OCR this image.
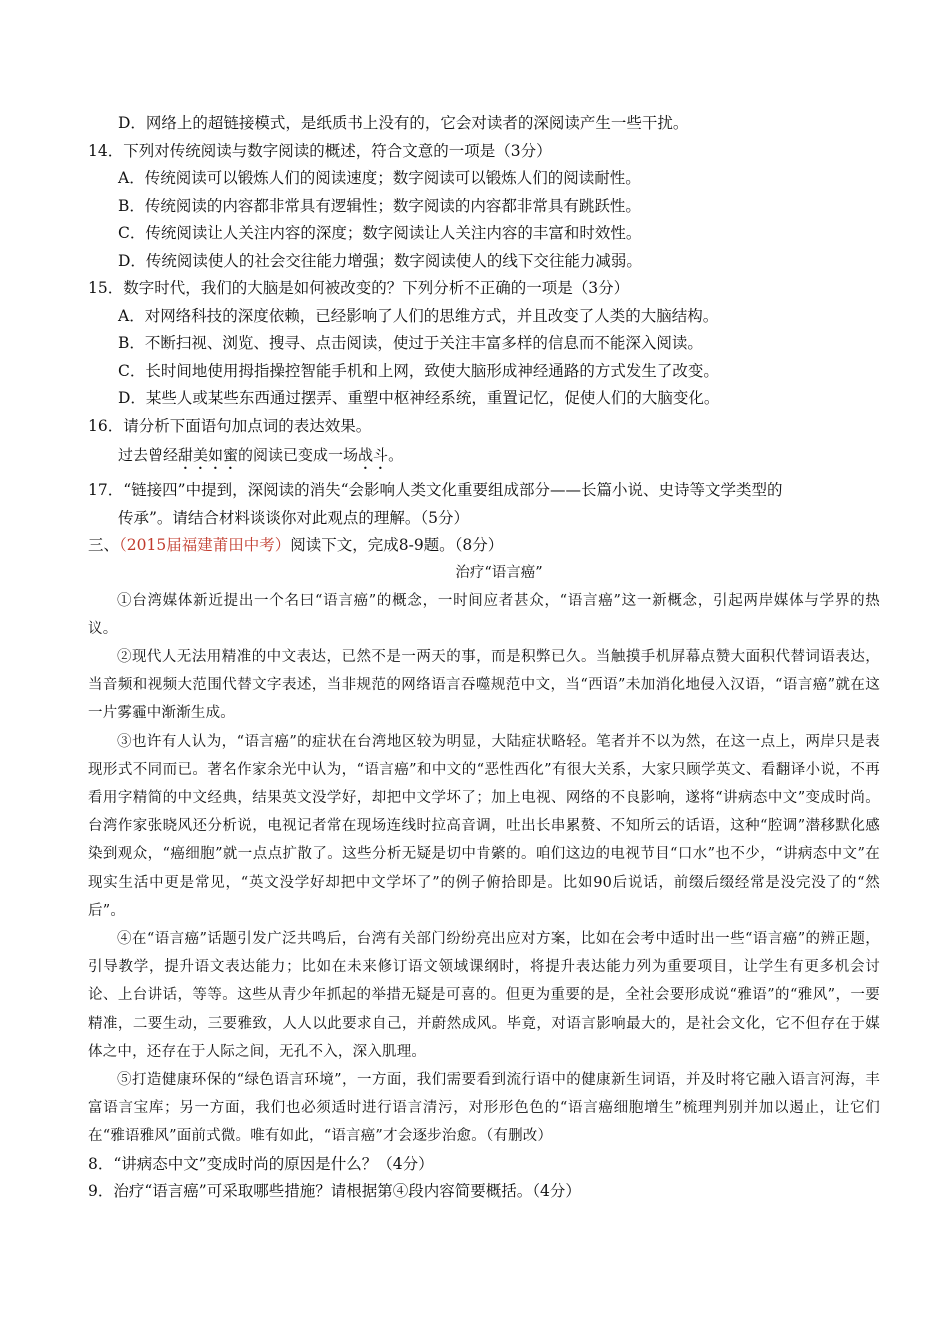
D．网络上的超链接模式，是纸质书上没有的，它会对读者的深阅读产生一些干扰。
14．下列对传统阅读与数字阅读的概述，符合文意的一项是（3分）
A．传统阅读可以锻炼人们的阅读速度；数字阅读可以锻炼人们的阅读耐性。
B．传统阅读的内容都非常具有逻辑性；数字阅读的内容都非常具有跳跃性。
C．传统阅读让人关注内容的深度；数字阅读让人关注内容的丰富和时效性。
D．传统阅读使人的社会交往能力增强；数字阅读使人的线下交往能力减弱。
15．数字时代，我们的大脑是如何被改变的？下列分析不正确的一项是（3分）
A．对网络科技的深度依赖，已经影响了人们的思维方式，并且改变了人类的大脑结构。
B．不断扫视、浏览、搜寻、点击阅读，使过于关注丰富多样的信息而不能深入阅读。
C．长时间地使用拇指操控智能手机和上网，致使大脑形成神经通路的方式发生了改变。
D．某些人或某些东西通过摆弄、重塑中枢神经系统，重置记忆，促使人们的大脑变化。
16．请分析下面语句加点词的表达效果。
过去曾经甜美如蜜的阅读已变成一场战斗。
17．“链接四”中提到，深阅读的消失“会影响人类文化重要组成部分——长篇小说、史诗等文学类型的
传承”。请结合材料谈谈你对此观点的理解。（5分）
三、（2015届福建莆田中考）阅读下文，完成8-9题。（8分）
治疗“语言癌”
①台湾媒体新近提出一个名曰“语言癌”的概念，一时间应者甚众，“语言癌”这一新概念，引起两岸媒体与学界的热议。
②现代人无法用精准的中文表达，已然不是一两天的事，而是积弊已久。当触摸手机屏幕点赞大面积代替词语表达，当音频和视频大范围代替文字表述，当非规范的网络语言吞噬规范中文，当“西语”未加消化地侵入汉语，“语言癌”就在这一片雾霾中渐渐生成。
③也许有人认为，“语言癌”的症状在台湾地区较为明显，大陆症状略轻。笔者并不以为然，在这一点上，两岸只是表现形式不同而已。著名作家余光中认为，“语言癌”和中文的“恶性西化”有很大关系，大家只顾学英文、看翻译小说，不再看用字精简的中文经典，结果英文没学好，却把中文学坏了；加上电视、网络的不良影响，遂将“讲病态中文”变成时尚。台湾作家张晓风还分析说，电视记者常在现场连线时拉高音调，吐出长串累赘、不知所云的话语，这种“腔调”潜移默化感染到观众，“癌细胞”就一点点扩散了。这些分析无疑是切中肯綮的。咱们这边的电视节目“口水”也不少，“讲病态中文”在现实生活中更是常见，“英文没学好却把中文学坏了”的例子俯拾即是。比如90后说话，前缀后缀经常是没完没了的“然后”。
④在“语言癌”话题引发广泛共鸣后，台湾有关部门纷纷亮出应对方案，比如在会考中适时出一些“语言癌”的辨正题，引导教学，提升语文表达能力；比如在未来修订语文领域课纲时，将提升表达能力列为重要项目，让学生有更多机会讨论、上台讲话，等等。这些从青少年抓起的举措无疑是可喜的。但更为重要的是，全社会要形成说“雅语”的“雅风”，一要精准，二要生动，三要雅致，人人以此要求自己，并蔚然成风。毕竟，对语言影响最大的，是社会文化，它不但存在于媒体之中，还存在于人际之间，无孔不入，深入肌理。
⑤打造健康环保的“绿色语言环境”，一方面，我们需要看到流行语中的健康新生词语，并及时将它融入语言河海，丰富语言宝库；另一方面，我们也必须适时进行语言清污，对形形色色的“语言癌细胞增生”梳理判别并加以遏止，让它们在“雅语雅风”面前式微。唯有如此，“语言癌”才会逐步治愈。（有删改）
8．“讲病态中文”变成时尚的原因是什么？（4分）
9．治疗“语言癌”可采取哪些措施？请根据第④段内容简要概括。（4分）
